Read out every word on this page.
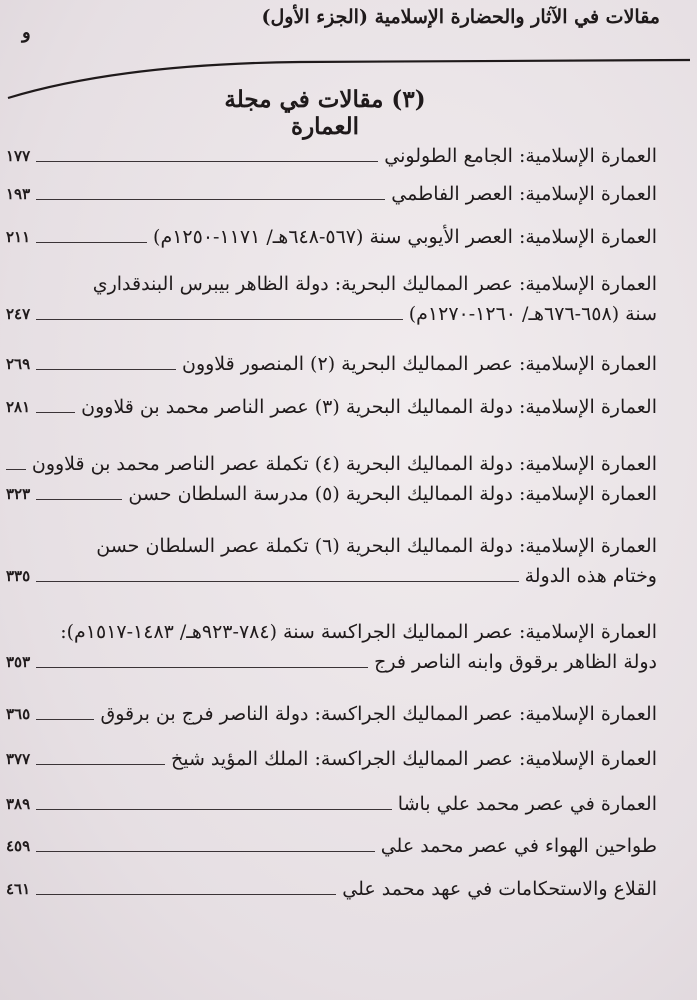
مقالات في الآثار والحضارة الإسلامية (الجزء الأول)
و
(٣) مقالات في مجلة العمارة
العمارة الإسلامية: الجامع الطولوني
١٧٧
العمارة الإسلامية: العصر الفاطمي
١٩٣
العمارة الإسلامية: العصر الأيوبي سنة (٥٦٧-٦٤٨هـ/ ١١٧١-١٢٥٠م)
٢١١
العمارة الإسلامية: عصر المماليك البحرية: دولة الظاهر بيبرس البندقداري
سنة (٦٥٨-٦٧٦هـ/ ١٢٦٠-١٢٧٠م)
٢٤٧
العمارة الإسلامية: عصر المماليك البحرية (٢) المنصور قلاوون
٢٦٩
العمارة الإسلامية: دولة المماليك البحرية (٣) عصر الناصر محمد بن قلاوون
٢٨١
العمارة الإسلامية: دولة المماليك البحرية (٤) تكملة عصر الناصر محمد بن قلاوون
العمارة الإسلامية: دولة المماليك البحرية (٥) مدرسة السلطان حسن
٣٢٣
العمارة الإسلامية: دولة المماليك البحرية (٦) تكملة عصر السلطان حسن
وختام هذه الدولة
٣٣٥
العمارة الإسلامية: عصر المماليك الجراكسة سنة (٧٨٤-٩٢٣هـ/ ١٤٨٣-١٥١٧م):
دولة الظاهر برقوق وابنه الناصر فرج
٣٥٣
العمارة الإسلامية: عصر المماليك الجراكسة: دولة الناصر فرج بن برقوق
٣٦٥
العمارة الإسلامية: عصر المماليك الجراكسة: الملك المؤيد شيخ
٣٧٧
العمارة في عصر محمد علي باشا
٣٨٩
طواحين الهواء في عصر محمد علي
٤٥٩
القلاع والاستحكامات في عهد محمد علي
٤٦١
